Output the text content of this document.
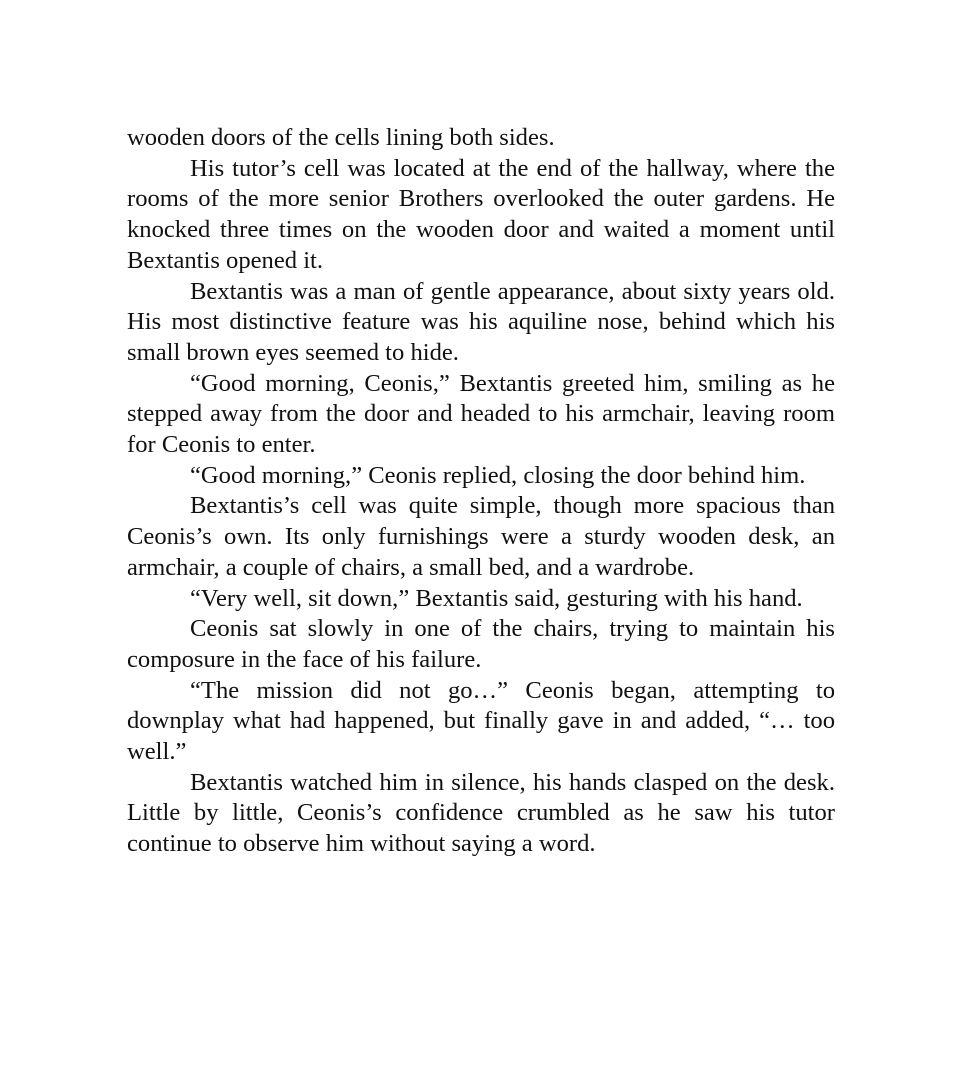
wooden doors of the cells lining both sides.

His tutor’s cell was located at the end of the hallway, where the rooms of the more senior Brothers overlooked the outer gardens. He knocked three times on the wooden door and waited a moment until Bextantis opened it.

Bextantis was a man of gentle appearance, about sixty years old. His most distinctive feature was his aquiline nose, behind which his small brown eyes seemed to hide.

“Good morning, Ceonis,” Bextantis greeted him, smiling as he stepped away from the door and headed to his armchair, leaving room for Ceonis to enter.

“Good morning,” Ceonis replied, closing the door behind him.

Bextantis’s cell was quite simple, though more spacious than Ceonis’s own. Its only furnishings were a sturdy wooden desk, an armchair, a couple of chairs, a small bed, and a wardrobe.

“Very well, sit down,” Bextantis said, gesturing with his hand.

Ceonis sat slowly in one of the chairs, trying to maintain his composure in the face of his failure.

“The mission did not go…” Ceonis began, attempting to downplay what had happened, but finally gave in and added, “… too well.”

Bextantis watched him in silence, his hands clasped on the desk. Little by little, Ceonis’s confidence crumbled as he saw his tutor continue to observe him without saying a word.
